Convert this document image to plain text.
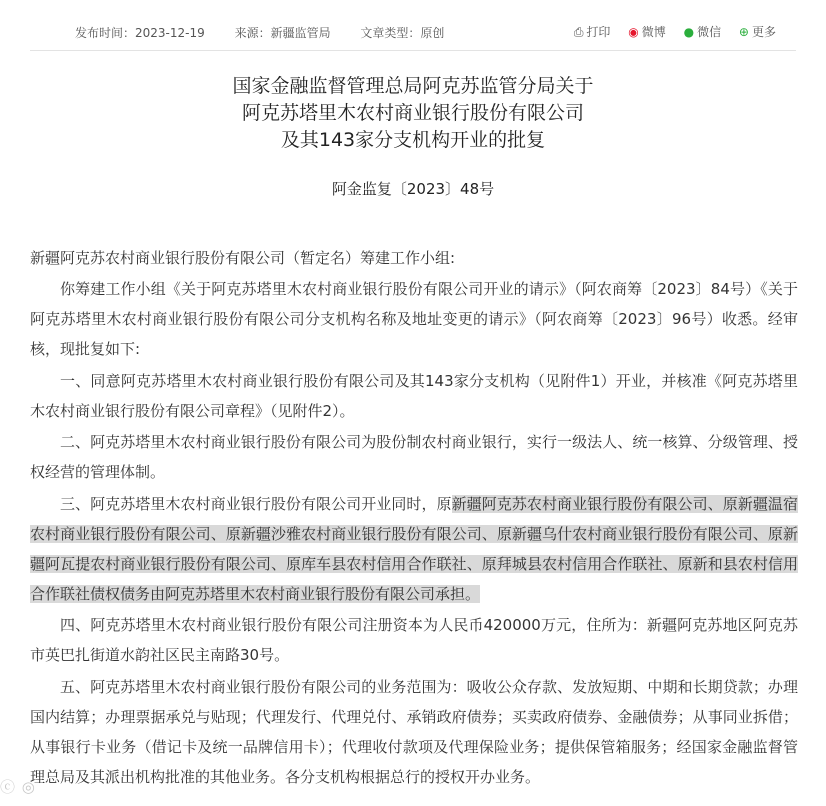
发布时间：2023-12-19 来源：新疆监管局 文章类型：原创	⎙ 打印 ◉ 微博 ● 微信 ⊕ 更多
国家金融监督管理总局阿克苏监管分局关于
阿克苏塔里木农村商业银行股份有限公司
及其143家分支机构开业的批复
阿金监复〔2023〕48号

新疆阿克苏农村商业银行股份有限公司（暂定名）筹建工作小组:

你筹建工作小组《关于阿克苏塔里木农村商业银行股份有限公司开业的请示》（阿农商筹〔2023〕84号）《关于阿克苏塔里木农村商业银行股份有限公司分支机构名称及地址变更的请示》（阿农商筹〔2023〕96号）收悉。经审核，现批复如下:

一、同意阿克苏塔里木农村商业银行股份有限公司及其143家分支机构（见附件1）开业，并核准《阿克苏塔里木农村商业银行股份有限公司章程》（见附件2）。

二、阿克苏塔里木农村商业银行股份有限公司为股份制农村商业银行，实行一级法人、统一核算、分级管理、授权经营的管理体制。

三、阿克苏塔里木农村商业银行股份有限公司开业同时，原新疆阿克苏农村商业银行股份有限公司、原新疆温宿农村商业银行股份有限公司、原新疆沙雅农村商业银行股份有限公司、原新疆乌什农村商业银行股份有限公司、原新疆阿瓦提农村商业银行股份有限公司、原库车县农村信用合作联社、原拜城县农村信用合作联社、原新和县农村信用合作联社债权债务由阿克苏塔里木农村商业银行股份有限公司承担。

四、阿克苏塔里木农村商业银行股份有限公司注册资本为人民币420000万元，住所为：新疆阿克苏地区阿克苏市英巴扎街道水韵社区民主南路30号。

五、阿克苏塔里木农村商业银行股份有限公司的业务范围为：吸收公众存款、发放短期、中期和长期贷款；办理国内结算；办理票据承兑与贴现；代理发行、代理兑付、承销政府债券；买卖政府债券、金融债券；从事同业拆借；从事银行卡业务（借记卡及统一品牌信用卡）；代理收付款项及代理保险业务；提供保管箱服务；经国家金融监督管理总局及其派出机构批准的其他业务。各分支机构根据总行的授权开办业务。

ⓒ ◎
